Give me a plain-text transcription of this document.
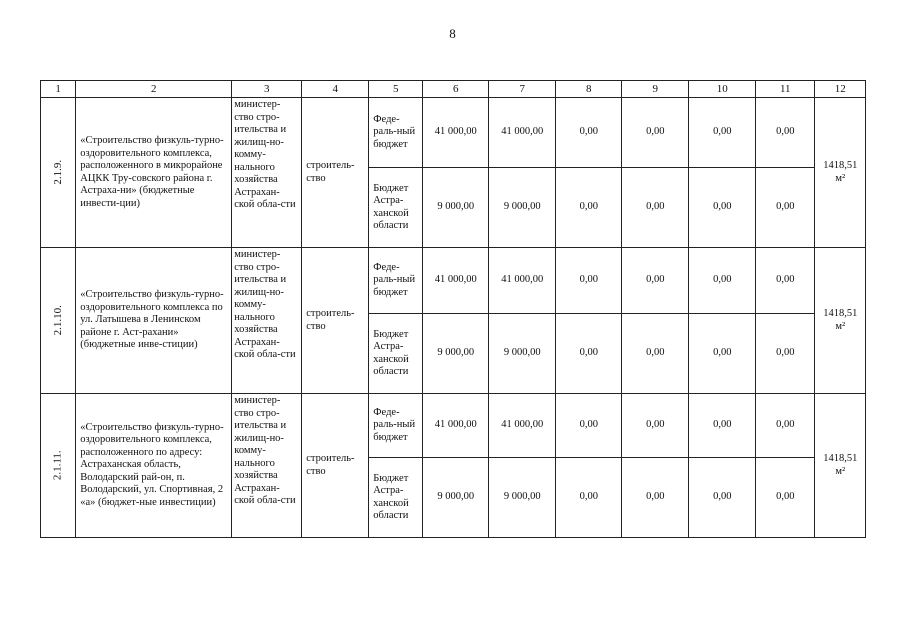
8
1	2	3	4	5	6	7	8	9	10	11	12
2.1.9.	«Строительство физкуль-турно-оздоровительного комплекса, расположенного в микрорайоне АЦКК Тру-совского района г. Астраха-ни» (бюджетные инвести-ции)	министер-ство стро-ительства и жилищ-но-комму-нального хозяйства Астрахан-ской обла-сти	строитель-ство	Феде-раль-ный бюджет	41 000,00	41 000,00	0,00	0,00	0,00	0,00	1418,51 м²
				Бюджет Астра-ханской области	9 000,00	9 000,00	0,00	0,00	0,00	0,00	
2.1.10.	«Строительство физкуль-турно-оздоровительного комплекса по ул. Латышева в Ленинском районе г. Аст-рахани» (бюджетные инве-стиции)	министер-ство стро-ительства и жилищ-но-комму-нального хозяйства Астрахан-ской обла-сти	строитель-ство	Феде-раль-ный бюджет	41 000,00	41 000,00	0,00	0,00	0,00	0,00	1418,51 м²
				Бюджет Астра-ханской области	9 000,00	9 000,00	0,00	0,00	0,00	0,00	
2.1.11.	«Строительство физкуль-турно-оздоровительного комплекса, расположенного по адресу: Астраханская область, Володарский рай-он, п. Володарский, ул. Спортивная, 2 «а» (бюджет-ные инвестиции)	министер-ство стро-ительства и жилищ-но-комму-нального хозяйства Астрахан-ской обла-сти	строитель-ство	Феде-раль-ный бюджет	41 000,00	41 000,00	0,00	0,00	0,00	0,00	1418,51 м²
				Бюджет Астра-ханской области	9 000,00	9 000,00	0,00	0,00	0,00	0,00	
